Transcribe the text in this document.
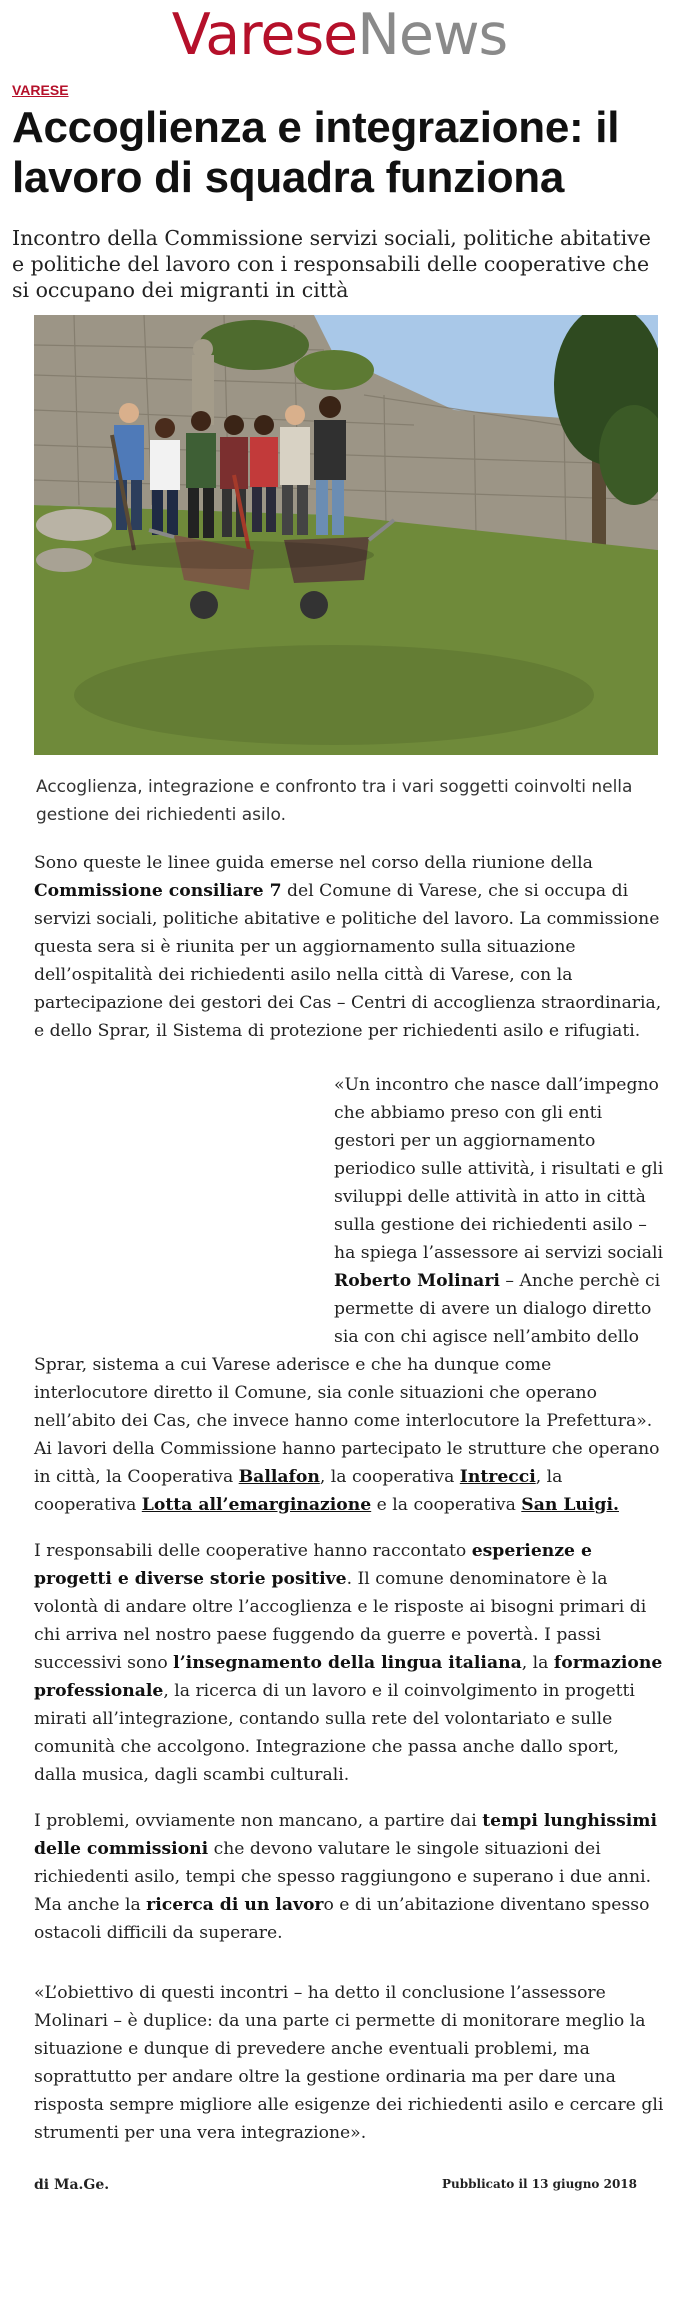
VareseNews
VARESE
Accoglienza e integrazione: il lavoro di squadra funziona

Incontro della Commissione servizi sociali, politiche abitative e politiche del lavoro con i responsabili delle cooperative che si occupano dei migranti in città

Accoglienza, integrazione e confronto tra i vari soggetti coinvolti nella gestione dei richiedenti asilo.

Sono queste le linee guida emerse nel corso della riunione della Commissione consiliare 7 del Comune di Varese, che si occupa di servizi sociali, politiche abitative e politiche del lavoro. La commissione questa sera si è riunita per un aggiornamento sulla situazione dell’ospitalità dei richiedenti asilo nella città di Varese, con la partecipazione dei gestori dei Cas – Centri di accoglienza straordinaria, e dello Sprar, il Sistema di protezione per richiedenti asilo e rifugiati.

«Un incontro che nasce dall’impegno che abbiamo preso con gli enti gestori per un aggiornamento periodico sulle attività, i risultati e gli sviluppi delle attività in atto in città sulla gestione dei richiedenti asilo – ha spiega l’assessore ai servizi sociali Roberto Molinari – Anche perchè ci permette di avere un dialogo diretto sia con chi agisce nell’ambito dello Sprar, sistema a cui Varese aderisce e che ha dunque come interlocutore diretto il Comune, sia conle situazioni che operano nell’abito dei Cas, che invece hanno come interlocutore la Prefettura». Ai lavori della Commissione hanno partecipato le strutture che operano in città, la Cooperativa Ballafon, la cooperativa Intrecci, la cooperativa Lotta all’emarginazione e la cooperativa San Luigi.

I responsabili delle cooperative hanno raccontato esperienze e progetti e diverse storie positive. Il comune denominatore è la volontà di andare oltre l’accoglienza e le risposte ai bisogni primari di chi arriva nel nostro paese fuggendo da guerre e povertà. I passi successivi sono l’insegnamento della lingua italiana, la formazione professionale, la ricerca di un lavoro e il coinvolgimento in progetti mirati all’integrazione, contando sulla rete del volontariato e sulle comunità che accolgono. Integrazione che passa anche dallo sport, dalla musica, dagli scambi culturali.

I problemi, ovviamente non mancano, a partire dai tempi lunghissimi delle commissioni che devono valutare le singole situazioni dei richiedenti asilo, tempi che spesso raggiungono e superano i due anni. Ma anche la ricerca di un lavoro e di un’abitazione diventano spesso ostacoli difficili da superare.

«L’obiettivo di questi incontri – ha detto il conclusione l’assessore Molinari – è duplice: da una parte ci permette di monitorare meglio la situazione e dunque di prevedere anche eventuali problemi, ma soprattutto per andare oltre la gestione ordinaria ma per dare una risposta sempre migliore alle esigenze dei richiedenti asilo e cercare gli strumenti per una vera integrazione».

di Ma.Ge.	Pubblicato il 13 giugno 2018
